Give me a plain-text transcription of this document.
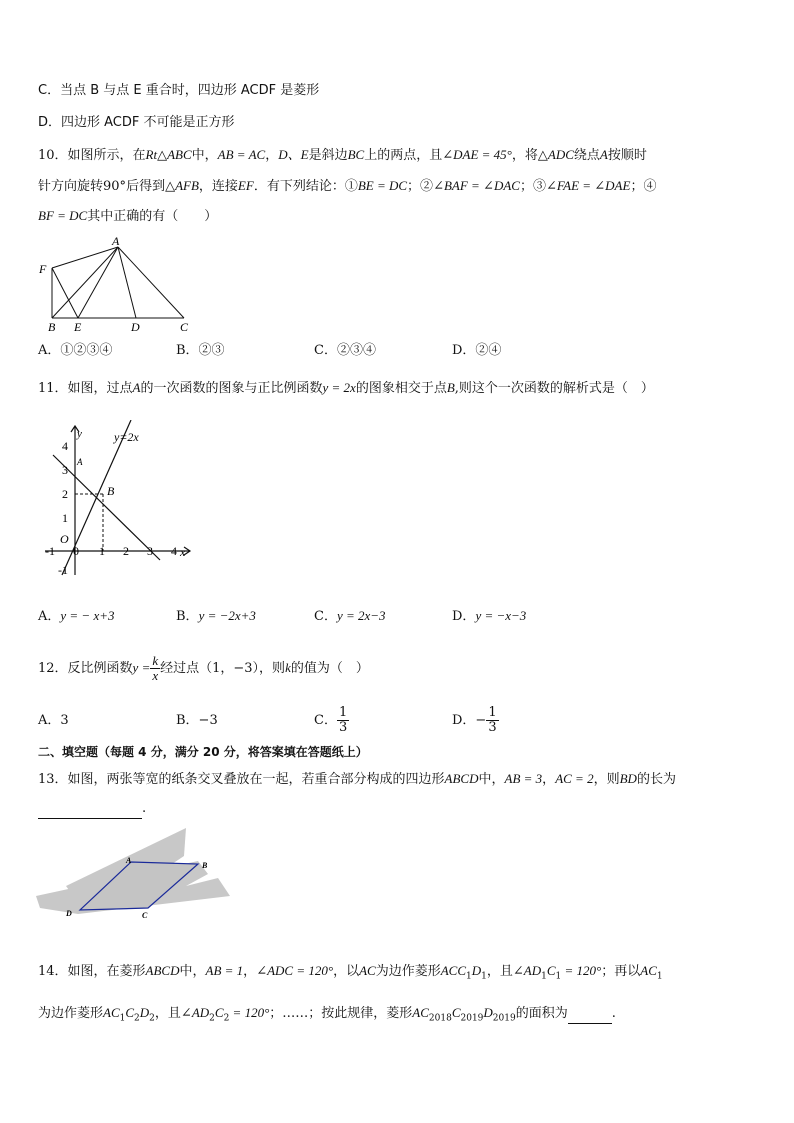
C．当点 B 与点 E 重合时，四边形 ACDF 是菱形
D．四边形 ACDF 不可能是正方形
10．如图所示，在Rt△ABC中，AB = AC，D、E是斜边BC上的两点，且∠DAE = 45°，将△ADC绕点A按顺时
针方向旋转90°后得到△AFB，连接EF．有下列结论：①BE = DC；②∠BAF = ∠DAC；③∠FAE = ∠DAE；④
BF = DC其中正确的有（　　）
A
F
B E	D	C
A．①②③④	B．②③	C．②③④	D．②④
11．如图，过点A的一次函数的图象与正比例函数y = 2x的图象相交于点B,则这个一次函数的解析式是（　）
y=2x
y
x
O
A
B
-1 0 1 2 3 4
4
3
2
1
-1
A．y = − x+3	B．y = −2x+3	C．y = 2x−3	D．y = −x−3
12．反比例函数$y = \frac{k}{x}$ 经过点（1，−3），则k的值为（　）
A．3	B．−3	C． $\frac{1}{3}$	D．− $\frac{1}{3}$
二、填空题（每题 4 分，满分 20 分，将答案填在答题纸上）
13．如图，两张等宽的纸条交叉叠放在一起，若重合部分构成的四边形ABCD中，AB = 3，AC = 2，则BD的长为
.
A
B
C
D
14．如图，在菱形ABCD中，AB = 1，∠ADC = 120°，以AC为边作菱形$ACC_1D_1$，且$\angle AD_1C_1 = 120^\circ$；再以$AC_1$
为边作菱形$AC_1C_2D_2$，且$\angle AD_2C_2 = 120^\circ$；……；按此规律，菱形$AC_{2018}C_{2019}D_{2019}$的面积为	.
